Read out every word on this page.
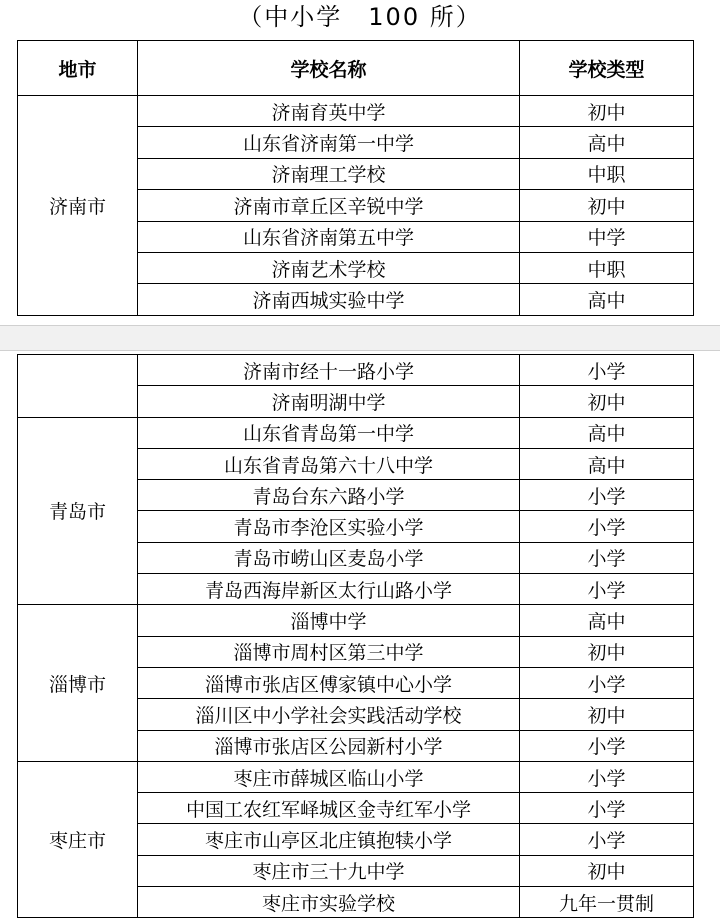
（中小学　100 所）
地市	学校名称	学校类型
济南市	济南育英中学	初中
	山东省济南第一中学	高中
	济南理工学校	中职
	济南市章丘区辛锐中学	初中
	山东省济南第五中学	中学
	济南艺术学校	中职
	济南西城实验中学	高中
	济南市经十一路小学	小学
	济南明湖中学	初中
青岛市	山东省青岛第一中学	高中
	山东省青岛第六十八中学	高中
	青岛台东六路小学	小学
	青岛市李沧区实验小学	小学
	青岛市崂山区麦岛小学	小学
	青岛西海岸新区太行山路小学	小学
淄博市	淄博中学	高中
	淄博市周村区第三中学	初中
	淄博市张店区傅家镇中心小学	小学
	淄川区中小学社会实践活动学校	初中
	淄博市张店区公园新村小学	小学
枣庄市	枣庄市薛城区临山小学	小学
	中国工农红军峄城区金寺红军小学	小学
	枣庄市山亭区北庄镇抱犊小学	小学
	枣庄市三十九中学	初中
	枣庄市实验学校	九年一贯制
